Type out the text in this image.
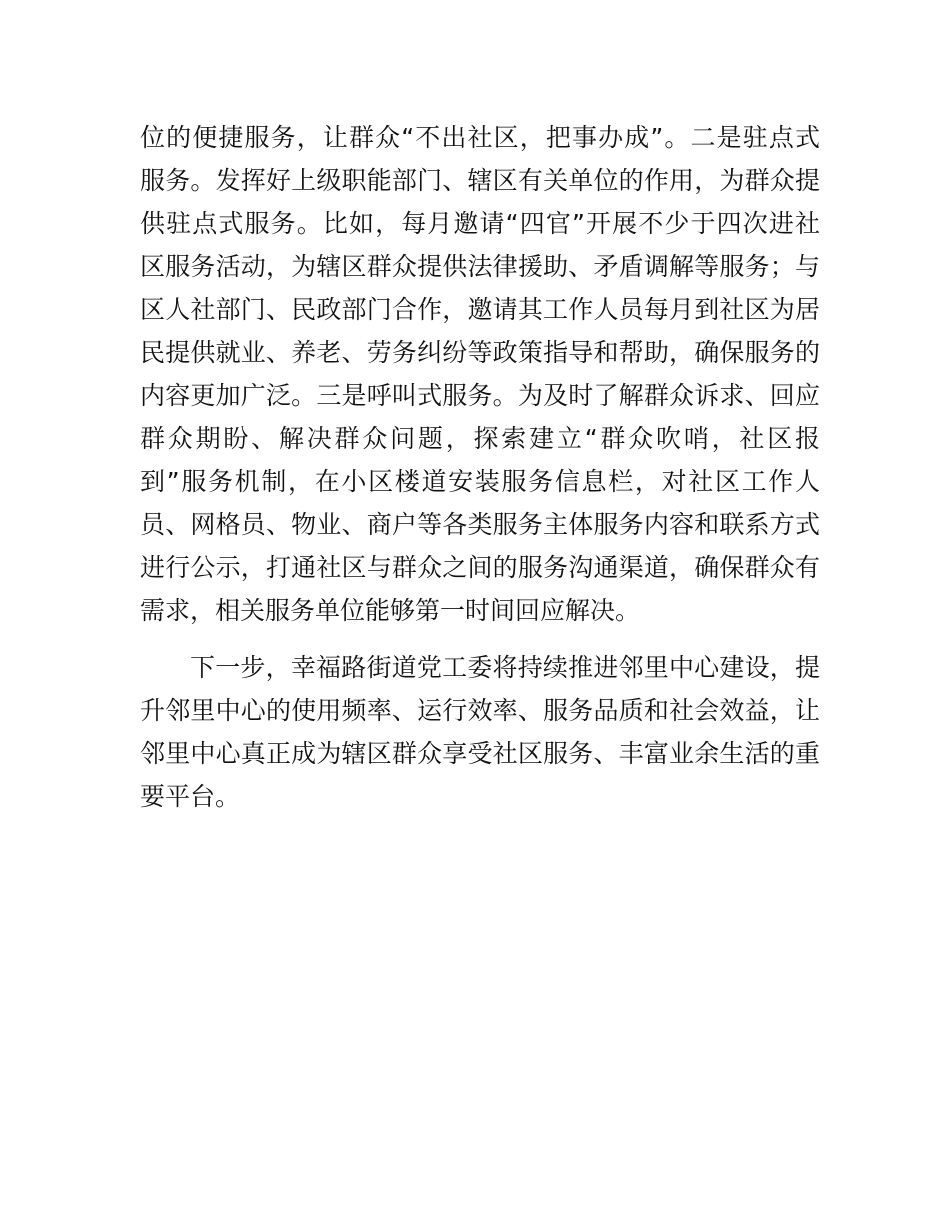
位的便捷服务，让群众“不出社区，把事办成”。二是驻点式
服务。发挥好上级职能部门、辖区有关单位的作用，为群众提
供驻点式服务。比如，每月邀请“四官”开展不少于四次进社
区服务活动，为辖区群众提供法律援助、矛盾调解等服务；与
区人社部门、民政部门合作，邀请其工作人员每月到社区为居
民提供就业、养老、劳务纠纷等政策指导和帮助，确保服务的
内容更加广泛。三是呼叫式服务。为及时了解群众诉求、回应
群众期盼、解决群众问题，探索建立“群众吹哨，社区报
到”服务机制，在小区楼道安装服务信息栏，对社区工作人
员、网格员、物业、商户等各类服务主体服务内容和联系方式
进行公示，打通社区与群众之间的服务沟通渠道，确保群众有
需求，相关服务单位能够第一时间回应解决。
下一步，幸福路街道党工委将持续推进邻里中心建设，提
升邻里中心的使用频率、运行效率、服务品质和社会效益，让
邻里中心真正成为辖区群众享受社区服务、丰富业余生活的重
要平台。
